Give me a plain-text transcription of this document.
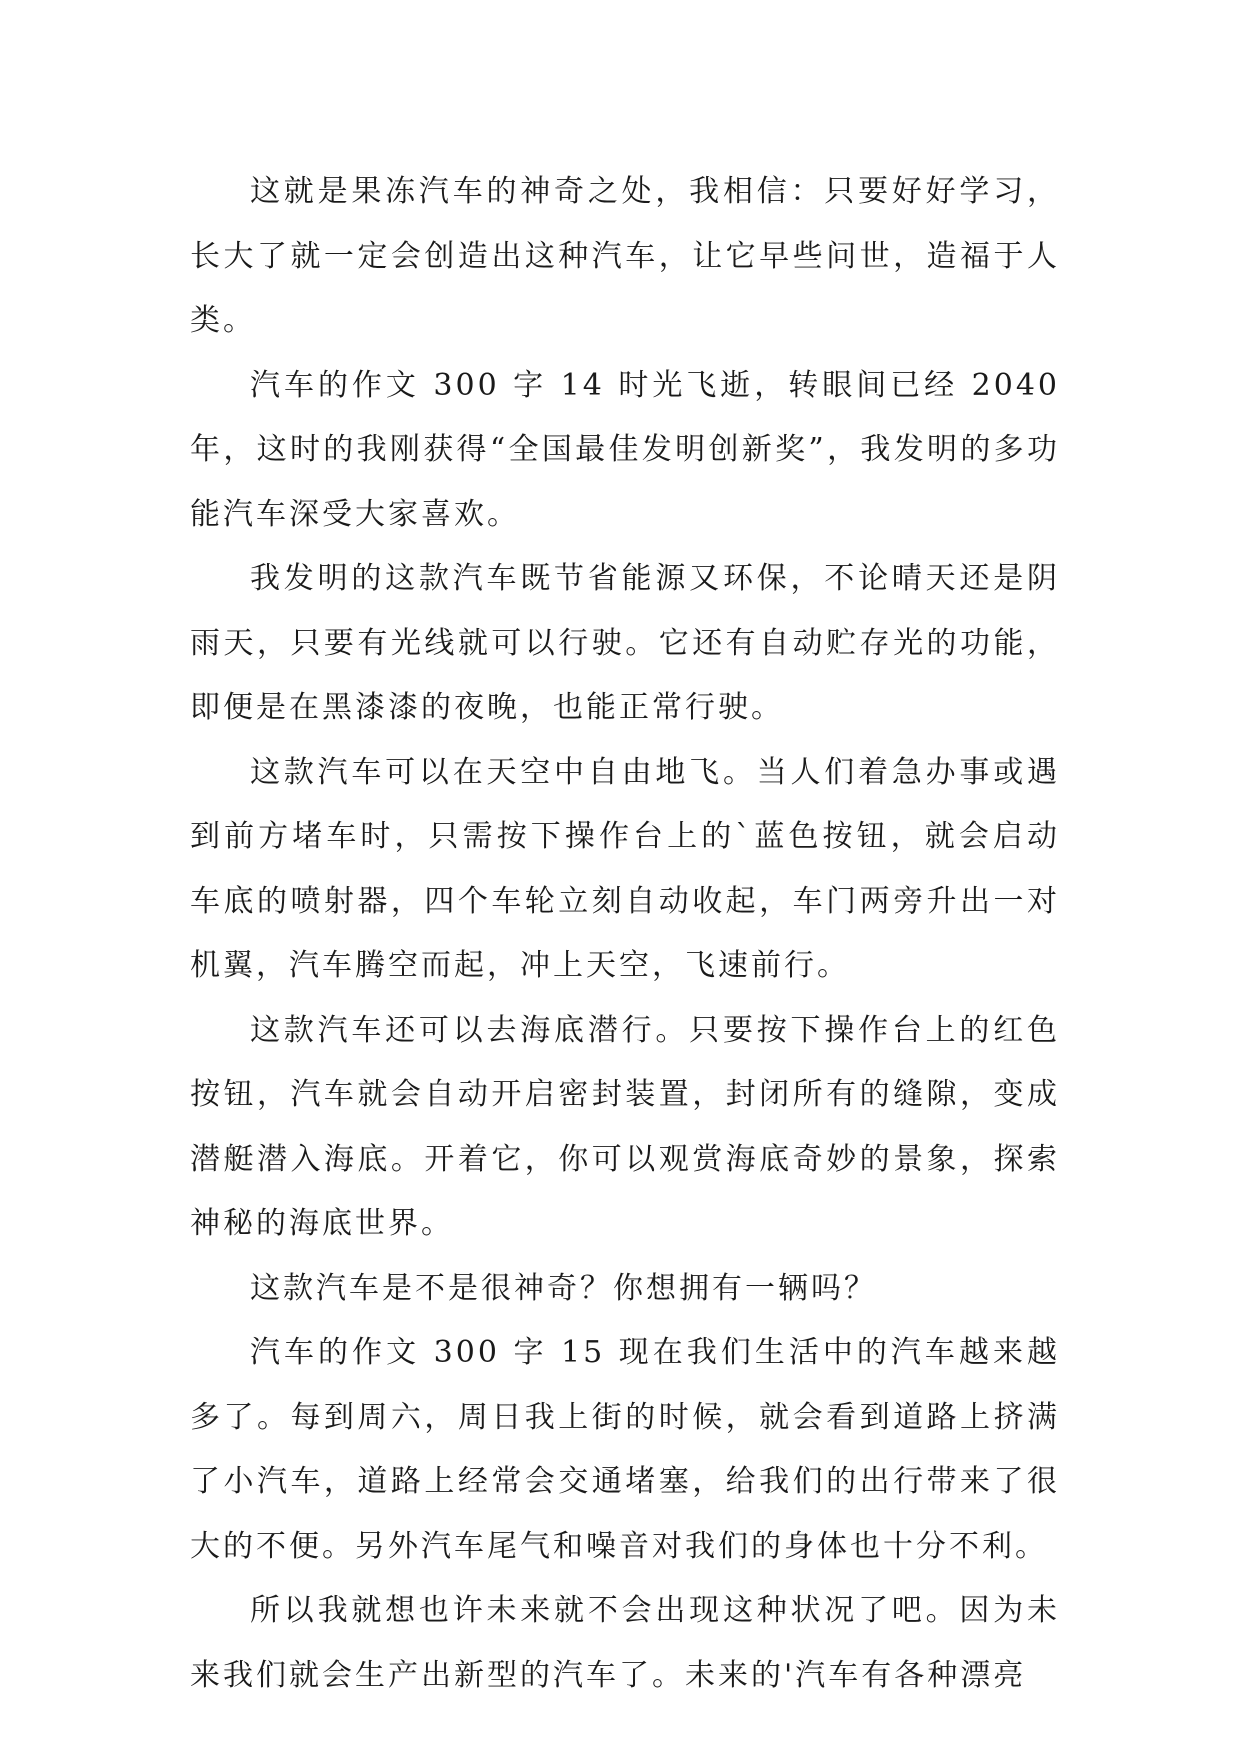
这就是果冻汽车的神奇之处，我相信：只要好好学习，长大了就一定会创造出这种汽车，让它早些问世，造福于人类。

汽车的作文 300 字 14 时光飞逝，转眼间已经 2040 年，这时的我刚获得“全国最佳发明创新奖”，我发明的多功能汽车深受大家喜欢。

我发明的这款汽车既节省能源又环保，不论晴天还是阴雨天，只要有光线就可以行驶。它还有自动贮存光的功能，即便是在黑漆漆的夜晚，也能正常行驶。

这款汽车可以在天空中自由地飞。当人们着急办事或遇到前方堵车时，只需按下操作台上的`蓝色按钮，就会启动车底的喷射器，四个车轮立刻自动收起，车门两旁升出一对机翼，汽车腾空而起，冲上天空，飞速前行。

这款汽车还可以去海底潜行。只要按下操作台上的红色按钮，汽车就会自动开启密封装置，封闭所有的缝隙，变成潜艇潜入海底。开着它，你可以观赏海底奇妙的景象，探索神秘的海底世界。

这款汽车是不是很神奇？你想拥有一辆吗？

汽车的作文 300 字 15 现在我们生活中的汽车越来越多了。每到周六，周日我上街的时候，就会看到道路上挤满了小汽车，道路上经常会交通堵塞，给我们的出行带来了很大的不便。另外汽车尾气和噪音对我们的身体也十分不利。

所以我就想也许未来就不会出现这种状况了吧。因为未来我们就会生产出新型的汽车了。未来的'汽车有各种漂亮
